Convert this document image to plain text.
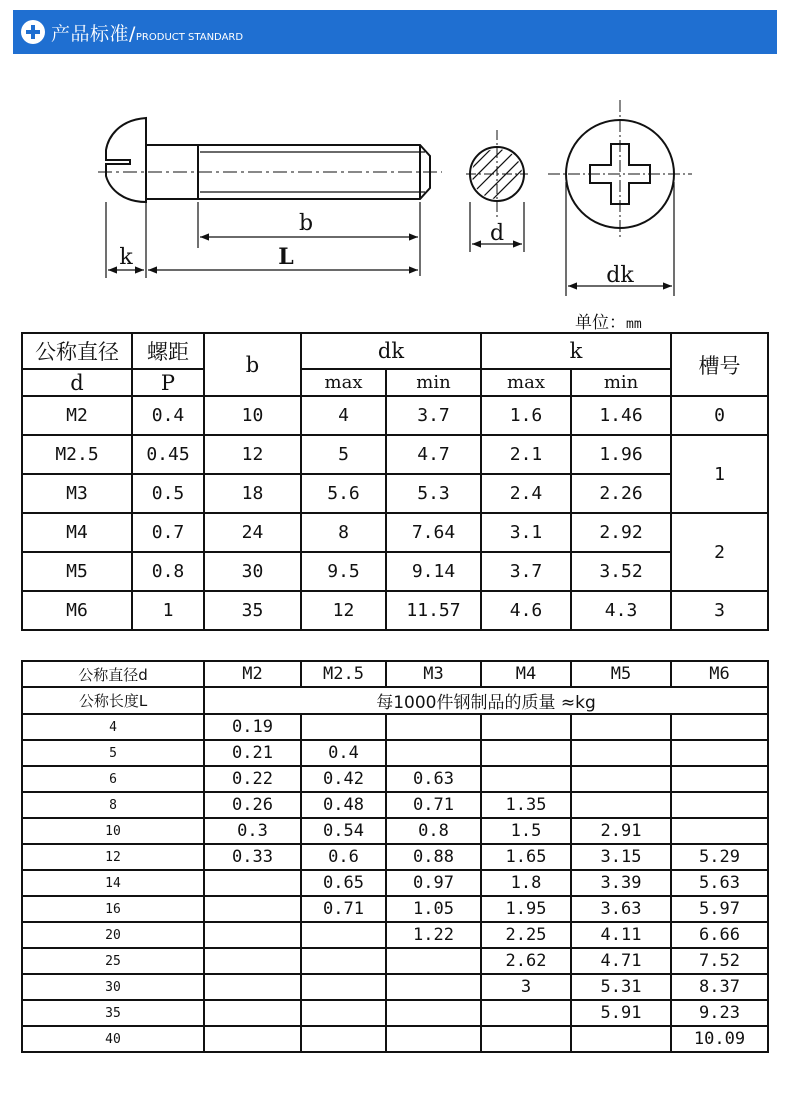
产品标准/PRODUCT STANDARD
b
L
k
d
dk
单位：mm
公称直径	螺距	b	dk		k		槽号
d	P		max	min	max	min	
M2	0.4	10	4	3.7	1.6	1.46	0
M2.5	0.45	12	5	4.7	2.1	1.96	1
M3	0.5	18	5.6	5.3	2.4	2.26	
M4	0.7	24	8	7.64	3.1	2.92	2
M5	0.8	30	9.5	9.14	3.7	3.52	
M6	1	35	12	11.57	4.6	4.3	3
公称直径d	M2	M2.5	M3	M4	M5	M6
公称长度L	每1000件钢制品的质量 ≈kg					
4	0.19					
5	0.21	0.4				
6	0.22	0.42	0.63			
8	0.26	0.48	0.71	1.35		
10	0.3	0.54	0.8	1.5	2.91	
12	0.33	0.6	0.88	1.65	3.15	5.29
14		0.65	0.97	1.8	3.39	5.63
16		0.71	1.05	1.95	3.63	5.97
20			1.22	2.25	4.11	6.66
25				2.62	4.71	7.52
30				3	5.31	8.37
35					5.91	9.23
40						10.09
